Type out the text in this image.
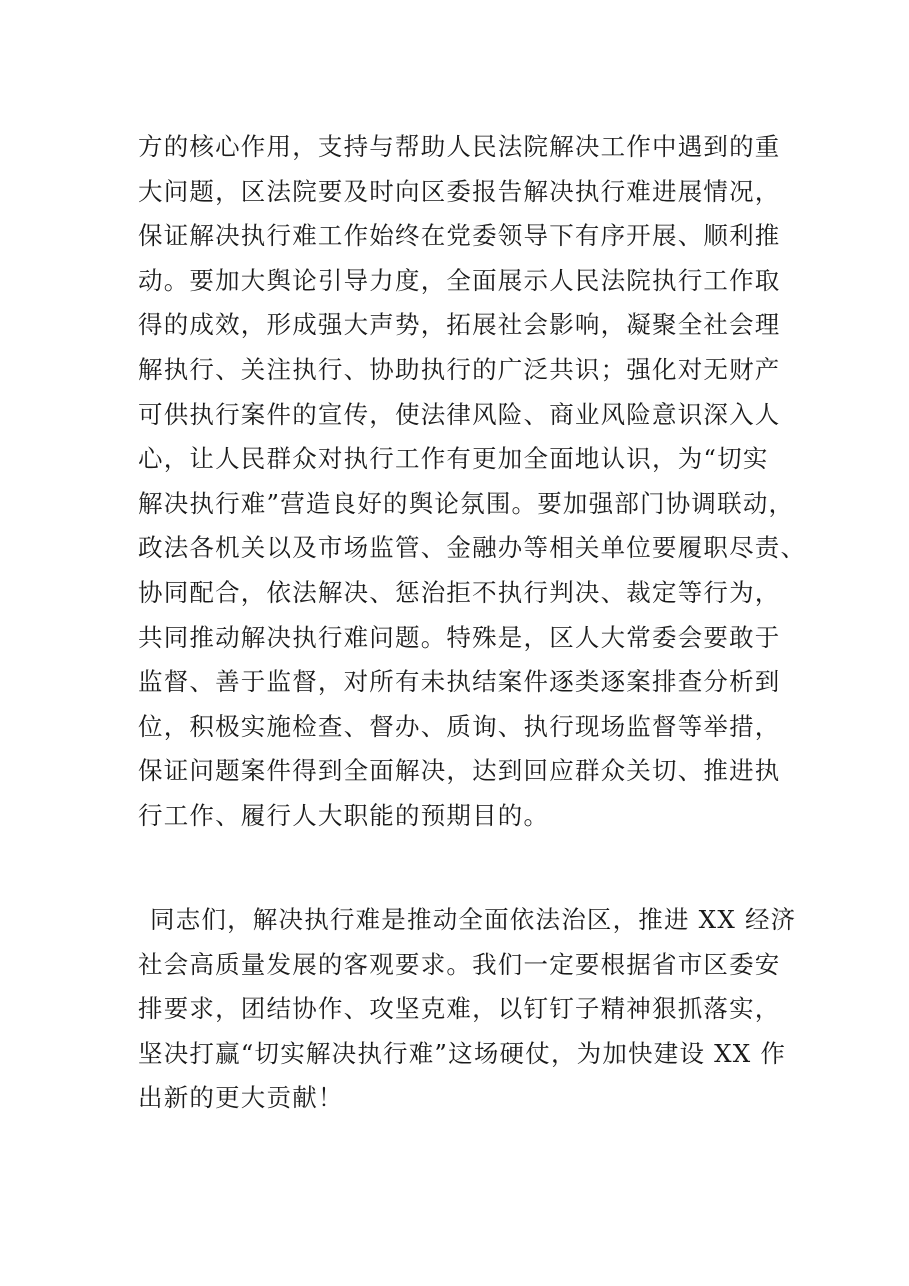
方的核心作用，支持与帮助人民法院解决工作中遇到的重
大问题，区法院要及时向区委报告解决执行难进展情况，
保证解决执行难工作始终在党委领导下有序开展、顺利推
动。要加大舆论引导力度，全面展示人民法院执行工作取
得的成效，形成强大声势，拓展社会影响，凝聚全社会理
解执行、关注执行、协助执行的广泛共识；强化对无财产
可供执行案件的宣传，使法律风险、商业风险意识深入人
心，让人民群众对执行工作有更加全面地认识，为“切实
解决执行难”营造良好的舆论氛围。要加强部门协调联动，
政法各机关以及市场监管、金融办等相关单位要履职尽责、
协同配合，依法解决、惩治拒不执行判决、裁定等行为，
共同推动解决执行难问题。特殊是，区人大常委会要敢于
监督、善于监督，对所有未执结案件逐类逐案排查分析到
位，积极实施检查、督办、质询、执行现场监督等举措，
保证问题案件得到全面解决，达到回应群众关切、推进执
行工作、履行人大职能的预期目的。
同志们，解决执行难是推动全面依法治区，推进 XX 经济
社会高质量发展的客观要求。我们一定要根据省市区委安
排要求，团结协作、攻坚克难，以钉钉子精神狠抓落实，
坚决打赢“切实解决执行难”这场硬仗，为加快建设 XX 作
出新的更大贡献！
